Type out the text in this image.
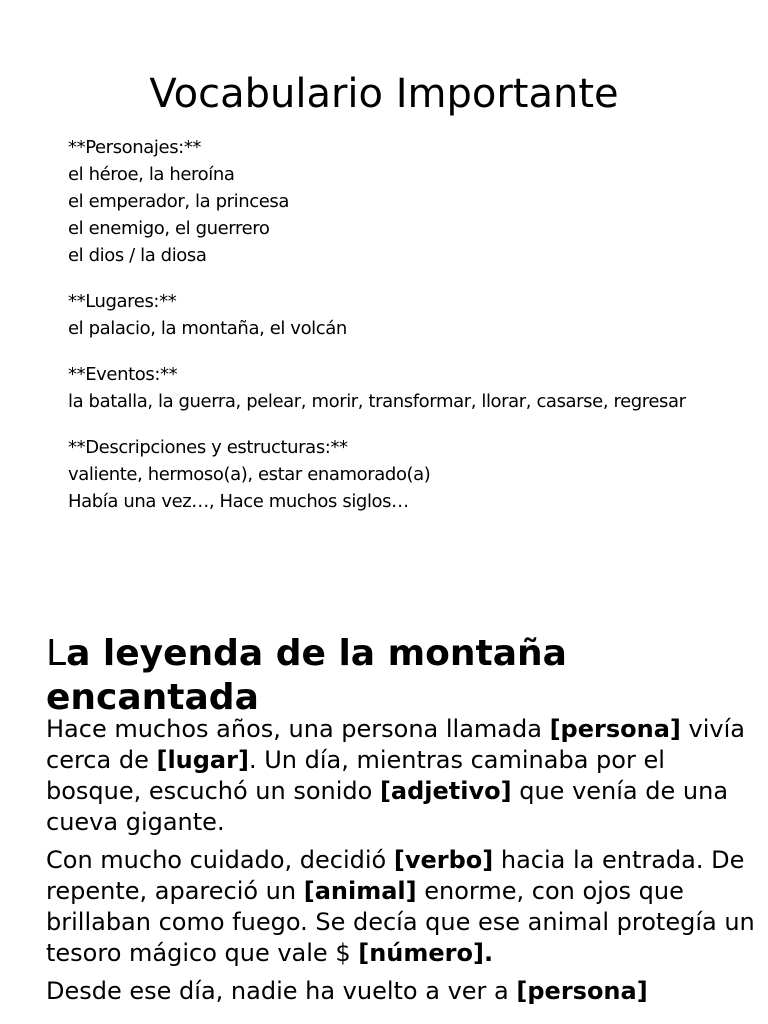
Vocabulario Importante
**Personajes:**
el héroe, la heroína
el emperador, la princesa
el enemigo, el guerrero
el dios / la diosa
**Lugares:**
el palacio, la montaña, el volcán
**Eventos:**
la batalla, la guerra, pelear, morir, transformar, llorar, casarse, regresar
**Descripciones y estructuras:**
valiente, hermoso(a), estar enamorado(a)
Había una vez…, Hace muchos siglos…
La leyenda de la montaña encantada

Hace muchos años, una persona llamada [persona] vivía cerca de [lugar]. Un día, mientras caminaba por el bosque, escuchó un sonido [adjetivo] que venía de una cueva gigante.

Con mucho cuidado, decidió [verbo] hacia la entrada. De repente, apareció un [animal] enorme, con ojos que brillaban como fuego. Se decía que ese animal protegía un tesoro mágico que vale $ [número].

Desde ese día, nadie ha vuelto a ver a [persona]
